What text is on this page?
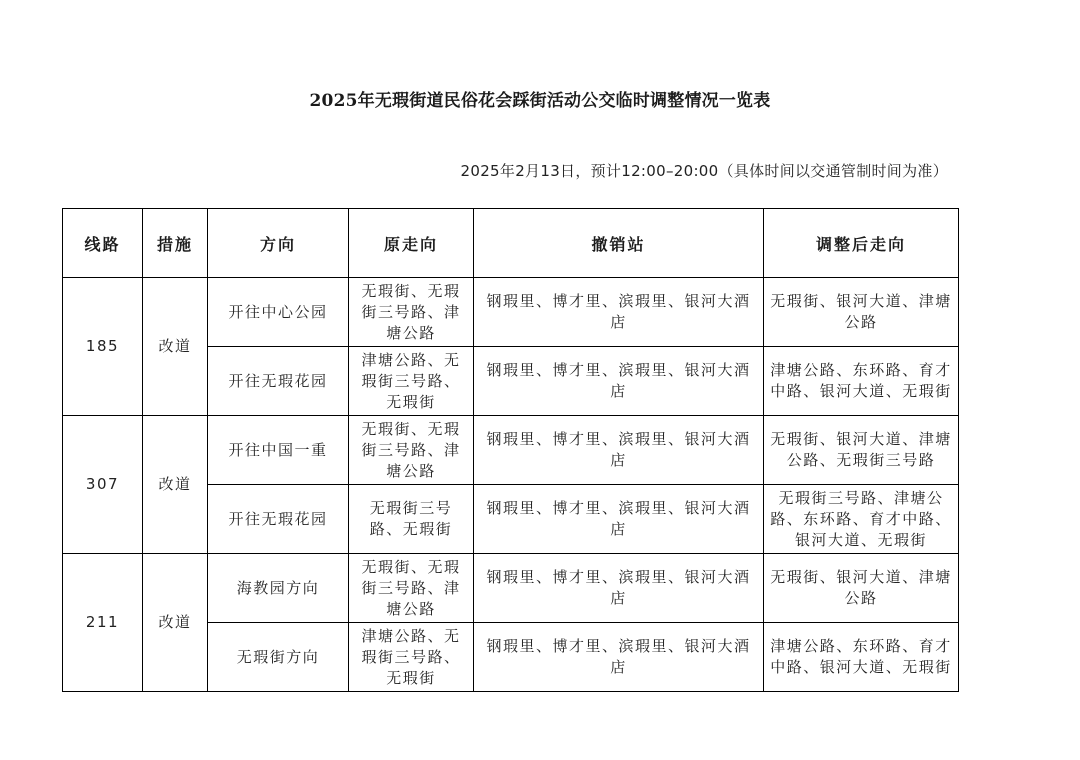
2025年无瑕街道民俗花会踩街活动公交临时调整情况一览表
2025年2月13日，预计12:00–20:00（具体时间以交通管制时间为准）
线路	措施	方向	原走向	撤销站	调整后走向
185	改道	开往中心公园	无瑕街、无瑕街三号路、津塘公路	钢瑕里、博才里、滨瑕里、银河大酒店	无瑕街、银河大道、津塘公路
		开往无瑕花园	津塘公路、无瑕街三号路、无瑕街	钢瑕里、博才里、滨瑕里、银河大酒店	津塘公路、东环路、育才中路、银河大道、无瑕街
307	改道	开往中国一重	无瑕街、无瑕街三号路、津塘公路	钢瑕里、博才里、滨瑕里、银河大酒店	无瑕街、银河大道、津塘公路、无瑕街三号路
		开往无瑕花园	无瑕街三号路、无瑕街	钢瑕里、博才里、滨瑕里、银河大酒店	无瑕街三号路、津塘公路、东环路、育才中路、银河大道、无瑕街
211	改道	海教园方向	无瑕街、无瑕街三号路、津塘公路	钢瑕里、博才里、滨瑕里、银河大酒店	无瑕街、银河大道、津塘公路
		无瑕街方向	津塘公路、无瑕街三号路、无瑕街	钢瑕里、博才里、滨瑕里、银河大酒店	津塘公路、东环路、育才中路、银河大道、无瑕街
